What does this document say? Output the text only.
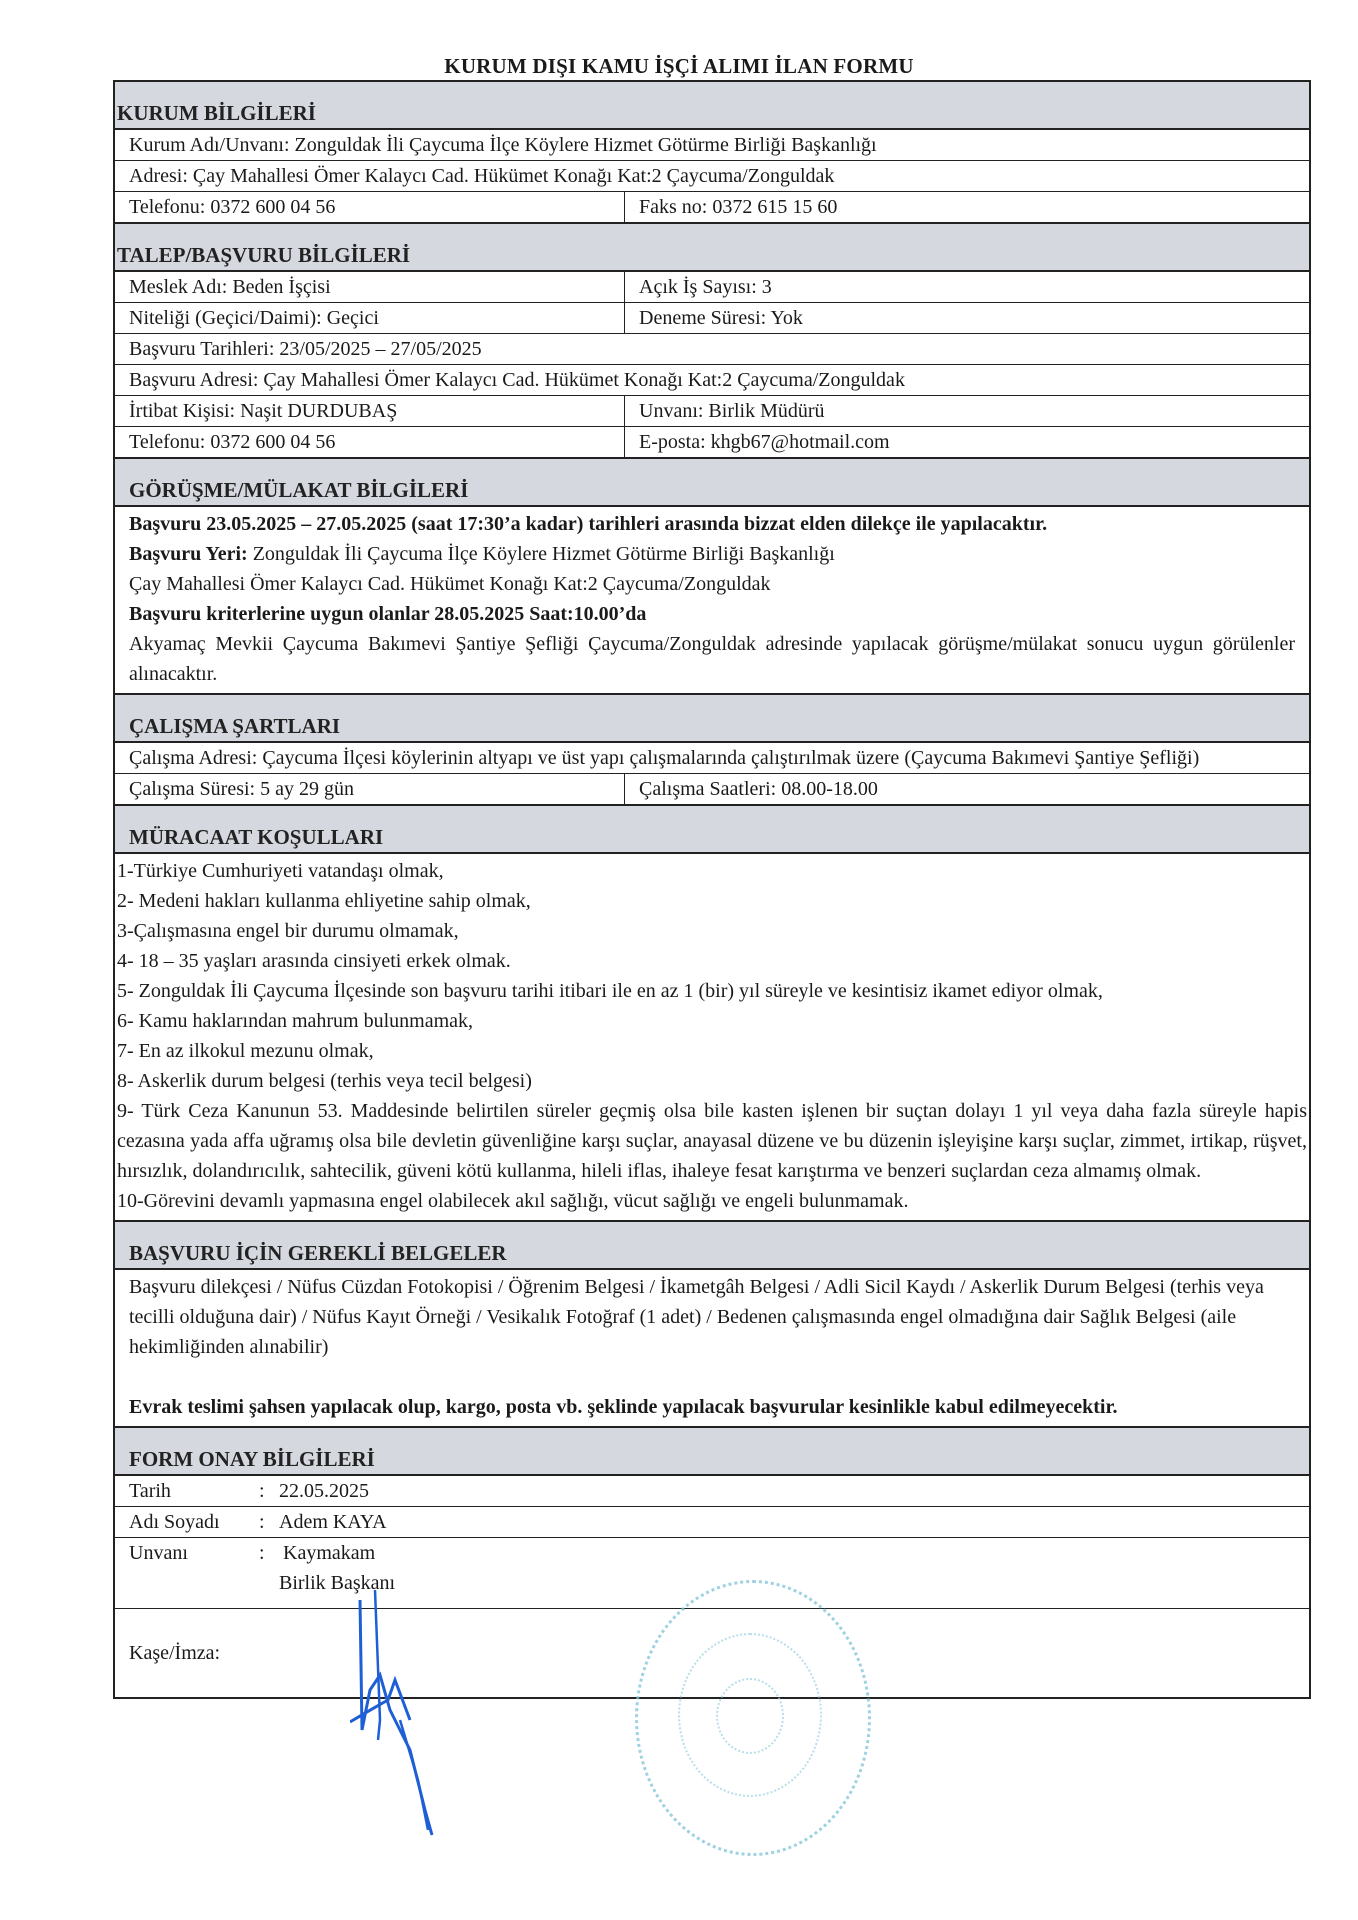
KURUM DIŞI KAMU İŞÇİ ALIMI İLAN FORMU
KURUM BİLGİLERİ
Kurum Adı/Unvanı: Zonguldak İli Çaycuma İlçe Köylere Hizmet Götürme Birliği Başkanlığı
Adresi: Çay Mahallesi Ömer Kalaycı Cad. Hükümet Konağı Kat:2 Çaycuma/Zonguldak
Telefonu: 0372 600 04 56	Faks no: 0372 615 15 60
TALEP/BAŞVURU BİLGİLERİ
Meslek Adı: Beden İşçisi	Açık İş Sayısı: 3
Niteliği (Geçici/Daimi): Geçici	Deneme Süresi: Yok
Başvuru Tarihleri: 23/05/2025 – 27/05/2025
Başvuru Adresi: Çay Mahallesi Ömer Kalaycı Cad. Hükümet Konağı Kat:2 Çaycuma/Zonguldak
İrtibat Kişisi: Naşit DURDUBAŞ	Unvanı: Birlik Müdürü
Telefonu: 0372 600 04 56	E-posta: khgb67@hotmail.com
GÖRÜŞME/MÜLAKAT BİLGİLERİ

Başvuru 23.05.2025 – 27.05.2025 (saat 17:30’a kadar) tarihleri arasında bizzat elden dilekçe ile yapılacaktır.

Başvuru Yeri: Zonguldak İli Çaycuma İlçe Köylere Hizmet Götürme Birliği Başkanlığı

Çay Mahallesi Ömer Kalaycı Cad. Hükümet Konağı Kat:2 Çaycuma/Zonguldak

Başvuru kriterlerine uygun olanlar 28.05.2025 Saat:10.00’da

Akyamaç Mevkii Çaycuma Bakımevi Şantiye Şefliği Çaycuma/Zonguldak adresinde yapılacak görüşme/mülakat sonucu uygun görülenler alınacaktır.

ÇALIŞMA ŞARTLARI
Çalışma Adresi: Çaycuma İlçesi köylerinin altyapı ve üst yapı çalışmalarında çalıştırılmak üzere (Çaycuma Bakımevi Şantiye Şefliği)
Çalışma Süresi: 5 ay 29 gün	Çalışma Saatleri: 08.00-18.00
MÜRACAAT KOŞULLARI

1-Türkiye Cumhuriyeti vatandaşı olmak,

2- Medeni hakları kullanma ehliyetine sahip olmak,

3-Çalışmasına engel bir durumu olmamak,

4- 18 – 35 yaşları arasında cinsiyeti erkek olmak.

5- Zonguldak İli Çaycuma İlçesinde son başvuru tarihi itibari ile en az 1 (bir) yıl süreyle ve kesintisiz ikamet ediyor olmak,

6- Kamu haklarından mahrum bulunmamak,

7- En az ilkokul mezunu olmak,

8- Askerlik durum belgesi (terhis veya tecil belgesi)

9- Türk Ceza Kanunun 53. Maddesinde belirtilen süreler geçmiş olsa bile kasten işlenen bir suçtan dolayı 1 yıl veya daha fazla süreyle hapis cezasına yada affa uğramış olsa bile devletin güvenliğine karşı suçlar, anayasal düzene ve bu düzenin işleyişine karşı suçlar, zimmet, irtikap, rüşvet, hırsızlık, dolandırıcılık, sahtecilik, güveni kötü kullanma, hileli iflas, ihaleye fesat karıştırma ve benzeri suçlardan ceza almamış olmak.

10-Görevini devamlı yapmasına engel olabilecek akıl sağlığı, vücut sağlığı ve engeli bulunmamak.

BAŞVURU İÇİN GEREKLİ BELGELER

Başvuru dilekçesi / Nüfus Cüzdan Fotokopisi / Öğrenim Belgesi / İkametgâh Belgesi / Adli Sicil Kaydı / Askerlik Durum Belgesi (terhis veya tecilli olduğuna dair) / Nüfus Kayıt Örneği / Vesikalık Fotoğraf (1 adet) / Bedenen çalışmasında engel olmadığına dair Sağlık Belgesi (aile hekimliğinden alınabilir)

Evrak teslimi şahsen yapılacak olup, kargo, posta vb. şeklinde yapılacak başvurular kesinlikle kabul edilmeyecektir.

FORM ONAY BİLGİLERİ
Tarih	: 22.05.2025
Adı Soyadı	: Adem KAYA
Unvanı	: Kaymakam
Birlik Başkanı
Kaşe/İmza:
